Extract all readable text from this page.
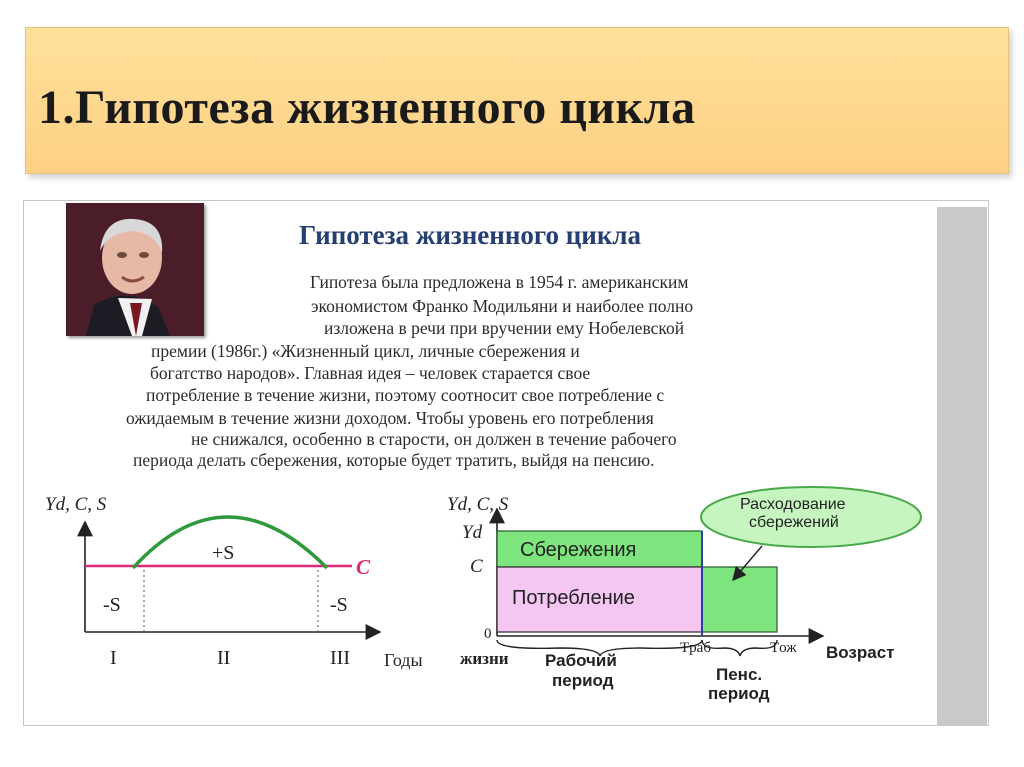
1.Гипотеза жизненного цикла
Гипотеза жизненного цикла
Гипотеза была предложена в 1954 г. американским
экономистом Франко Модильяни и наиболее полно
изложена в речи при вручении ему Нобелевской
премии (1986г.) «Жизненный цикл, личные сбережения и
богатство народов». Главная идея – человек старается свое
потребление в течение жизни, поэтому соотносит свое потребление с
ожидаемым в течение жизни доходом. Чтобы уровень его потребления
не снижался, особенно в старости, он должен в течение рабочего
периода делать сбережения, которые будет тратить, выйдя на пенсию.
Yd, C, S
C
+S
-S	-S
I	II	III Годы
Yd, C, S
Yd
C
0
Сбережения
Потребление
Расходование
сбережений
жизни Рабочий
период
Tраб	Tож
Пенс.
период
Возраст
